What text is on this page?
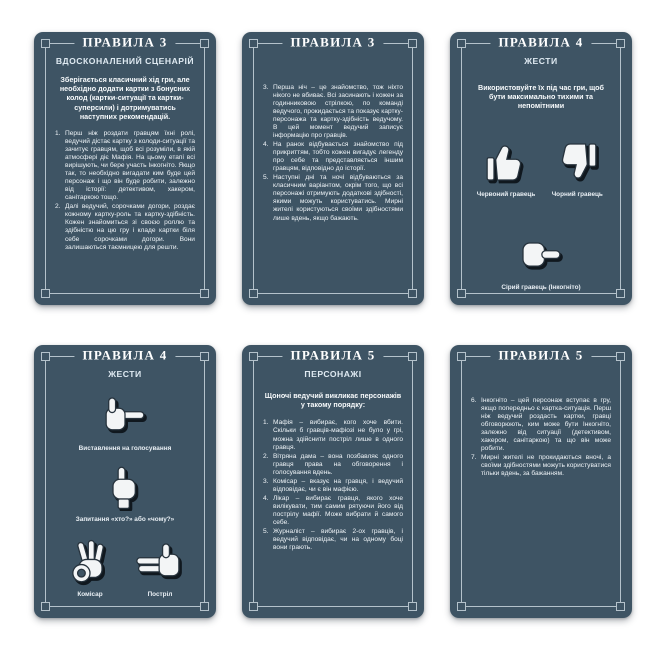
ПРАВИЛА 3
ВДОСКОНАЛЕНИЙ СЦЕНАРІЙ
Зберігається класичний хід гри, але необхідно додати картки з бонусних колод (картки-ситуації та картки-суперсили) і дотримуватись наступних рекомендацій.
1. Перш ніж роздати гравцям їхні ролі, ведучий дістає картку з колоди-ситуації та зачитує гравцям, щоб всі розуміли, в якій атмосфері діє Мафія. На цьому етапі всі вирішують, чи бере участь Інкогніто. Якщо так, то необхідно вигадати ким буде цей персонаж і що він буде робити, залежно від історії: детективом, хакером, санітаркою тощо.
2. Далі ведучий, сорочками догори, роздає кожному картку-роль та картку-здібність. Кожен знайомиться зі своєю роллю та здібністю на цю гру і кладе картки біля себе сорочками догори. Вони залишаються таємницею для решти.
ПРАВИЛА 3
3. Перша ніч – це знайомство, тож ніхто нікого не вбиває. Всі засинають і кожен за годинниковою стрілкою, по команді ведучого, прокидається та показує картку-персонажа та картку-здібність ведучому. В цей момент ведучий записує інформацію про гравців.
4. На ранок відбувається знайомство під прикриттям, тобто кожен вигадує легенду про себе та представляється іншим гравцям, відповідно до історії.
5. Наступні дні та ночі відбуваються за класичним варіантом, окрім того, що всі персонажі отримують додаткові здібності, якими можуть користуватись. Мирні жителі користуються своїми здібностями лише вдень, якщо бажають.
ПРАВИЛА 4
ЖЕСТИ
Використовуйте їх під час гри, щоб бути максимально тихими та непомітними
Червоний гравець	Чорний гравець
Сірий гравець (Інкогніто)
ПРАВИЛА 4
ЖЕСТИ
Виставлення на голосування
Запитання «хто?» або «чому?»
Комісар	Постріл
ПРАВИЛА 5
ПЕРСОНАЖІ
Щоночі ведучий викликає персонажів у такому порядку:
1. Мафія – вибирає, кого хоче вбити. Скільки б гравців-мафіозі не було у грі, можна здійснити постріл лише в одного гравця.
2. Вітряна дама – вона позбавляє одного гравця права на обговорення і голосування вдень.
3. Комісар – вказує на гравця, і ведучий відповідає, чи є він мафією.
4. Лікар – вибирає гравця, якого хоче вилікувати, тим самим рятуючи його від пострілу мафії. Може вибрати й самого себе.
5. Журналіст – вибирає 2-ох гравців, і ведучий відповідає, чи на одному боці вони грають.
ПРАВИЛА 5
6. Інкогніто – цей персонаж вступає в гру, якщо попередньо є картка-ситуація. Перш ніж ведучий роздасть картки, гравці обговорюють, ким може бути Інкогніто, залежно від ситуації (детективом, хакером, санітаркою) та що він може робити.
7. Мирні жителі не прокидаються вночі, а своїми здібностями можуть користуватися тільки вдень, за бажанням.
